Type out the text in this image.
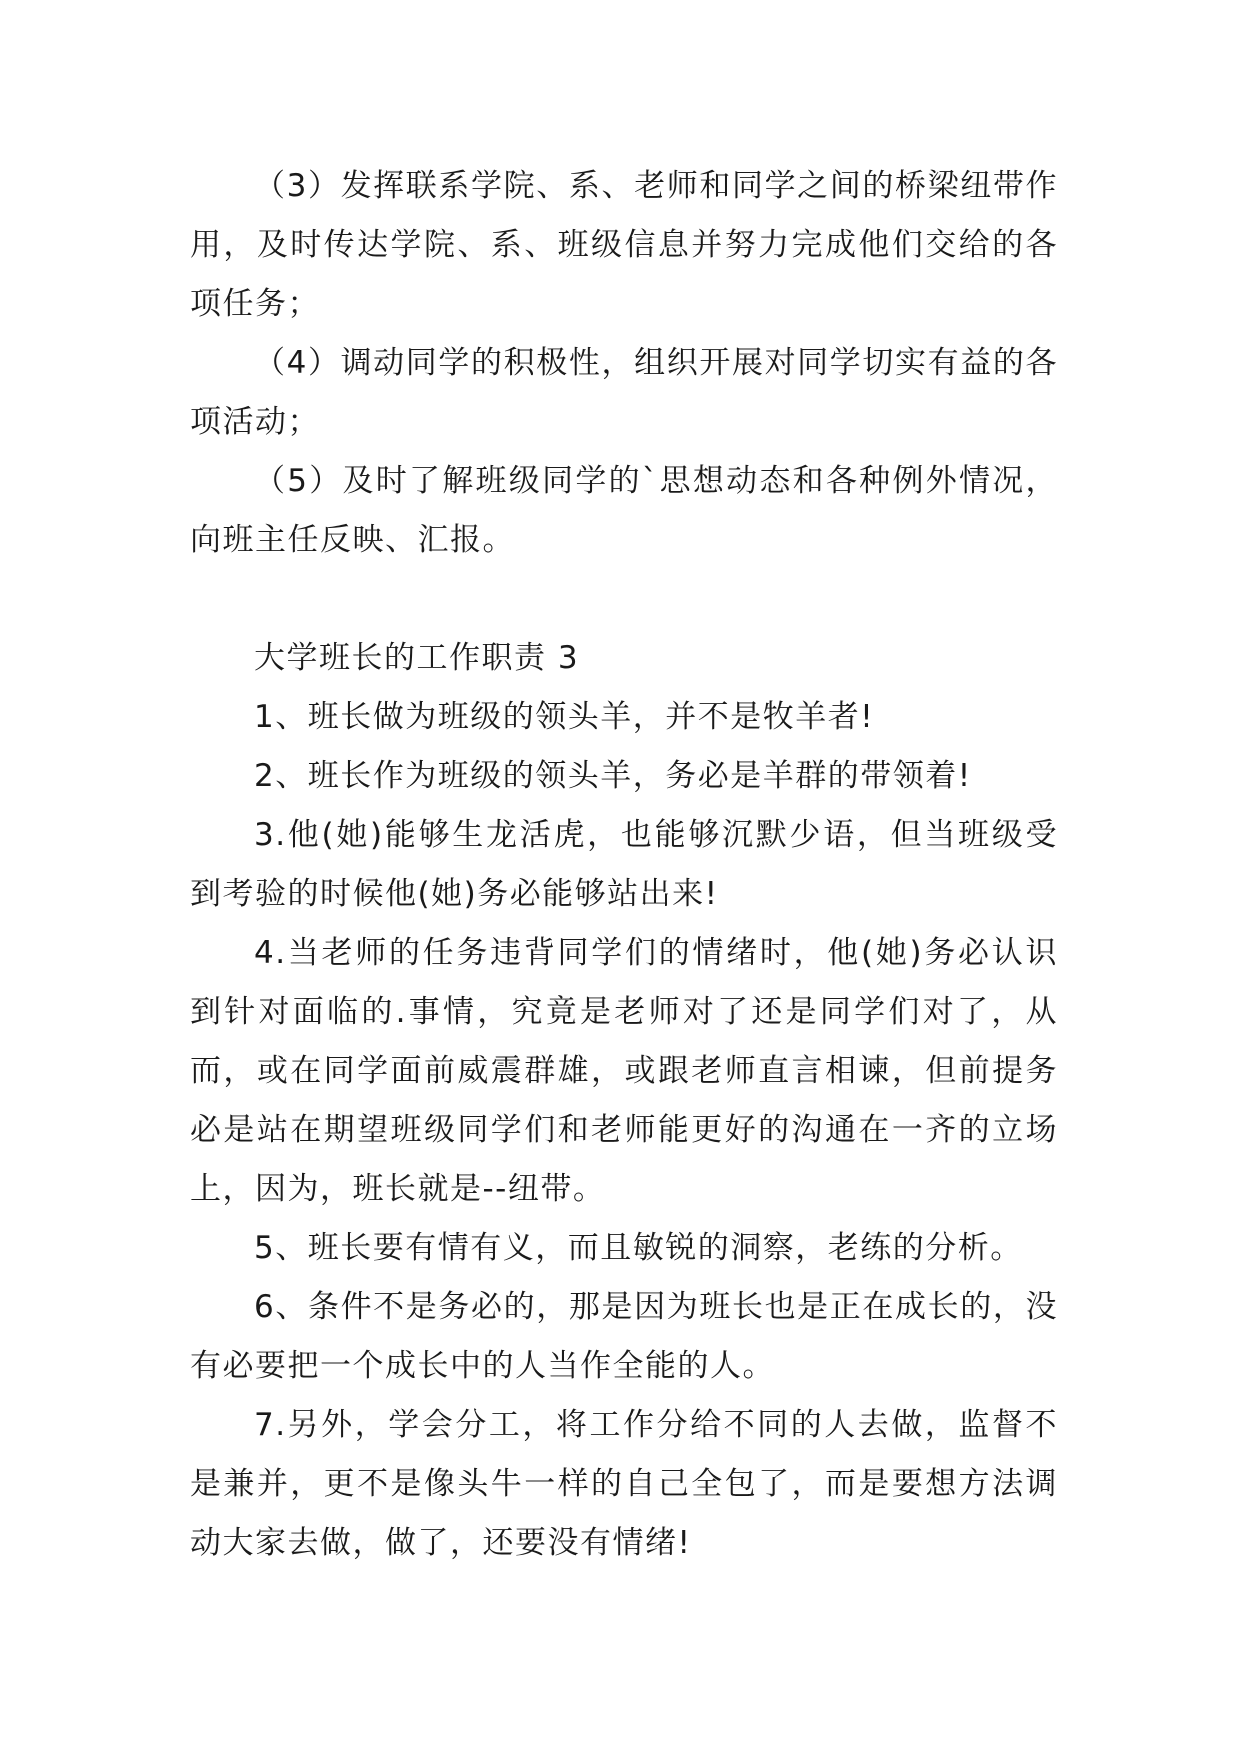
（3）发挥联系学院、系、老师和同学之间的桥梁纽带作用，及时传达学院、系、班级信息并努力完成他们交给的各项任务；

（4）调动同学的积极性，组织开展对同学切实有益的各项活动；

（5）及时了解班级同学的`思想动态和各种例外情况，向班主任反映、汇报。

大学班长的工作职责 3

1、班长做为班级的领头羊，并不是牧羊者!

2、班长作为班级的领头羊，务必是羊群的带领着!

3.他(她)能够生龙活虎，也能够沉默少语，但当班级受到考验的时候他(她)务必能够站出来!

4.当老师的任务违背同学们的情绪时，他(她)务必认识到针对面临的.事情，究竟是老师对了还是同学们对了，从而，或在同学面前威震群雄，或跟老师直言相谏，但前提务必是站在期望班级同学们和老师能更好的沟通在一齐的立场上，因为，班长就是--纽带。

5、班长要有情有义，而且敏锐的洞察，老练的分析。

6、条件不是务必的，那是因为班长也是正在成长的，没有必要把一个成长中的人当作全能的人。

7.另外，学会分工，将工作分给不同的人去做，监督不是兼并，更不是像头牛一样的自己全包了，而是要想方法调动大家去做，做了，还要没有情绪!
